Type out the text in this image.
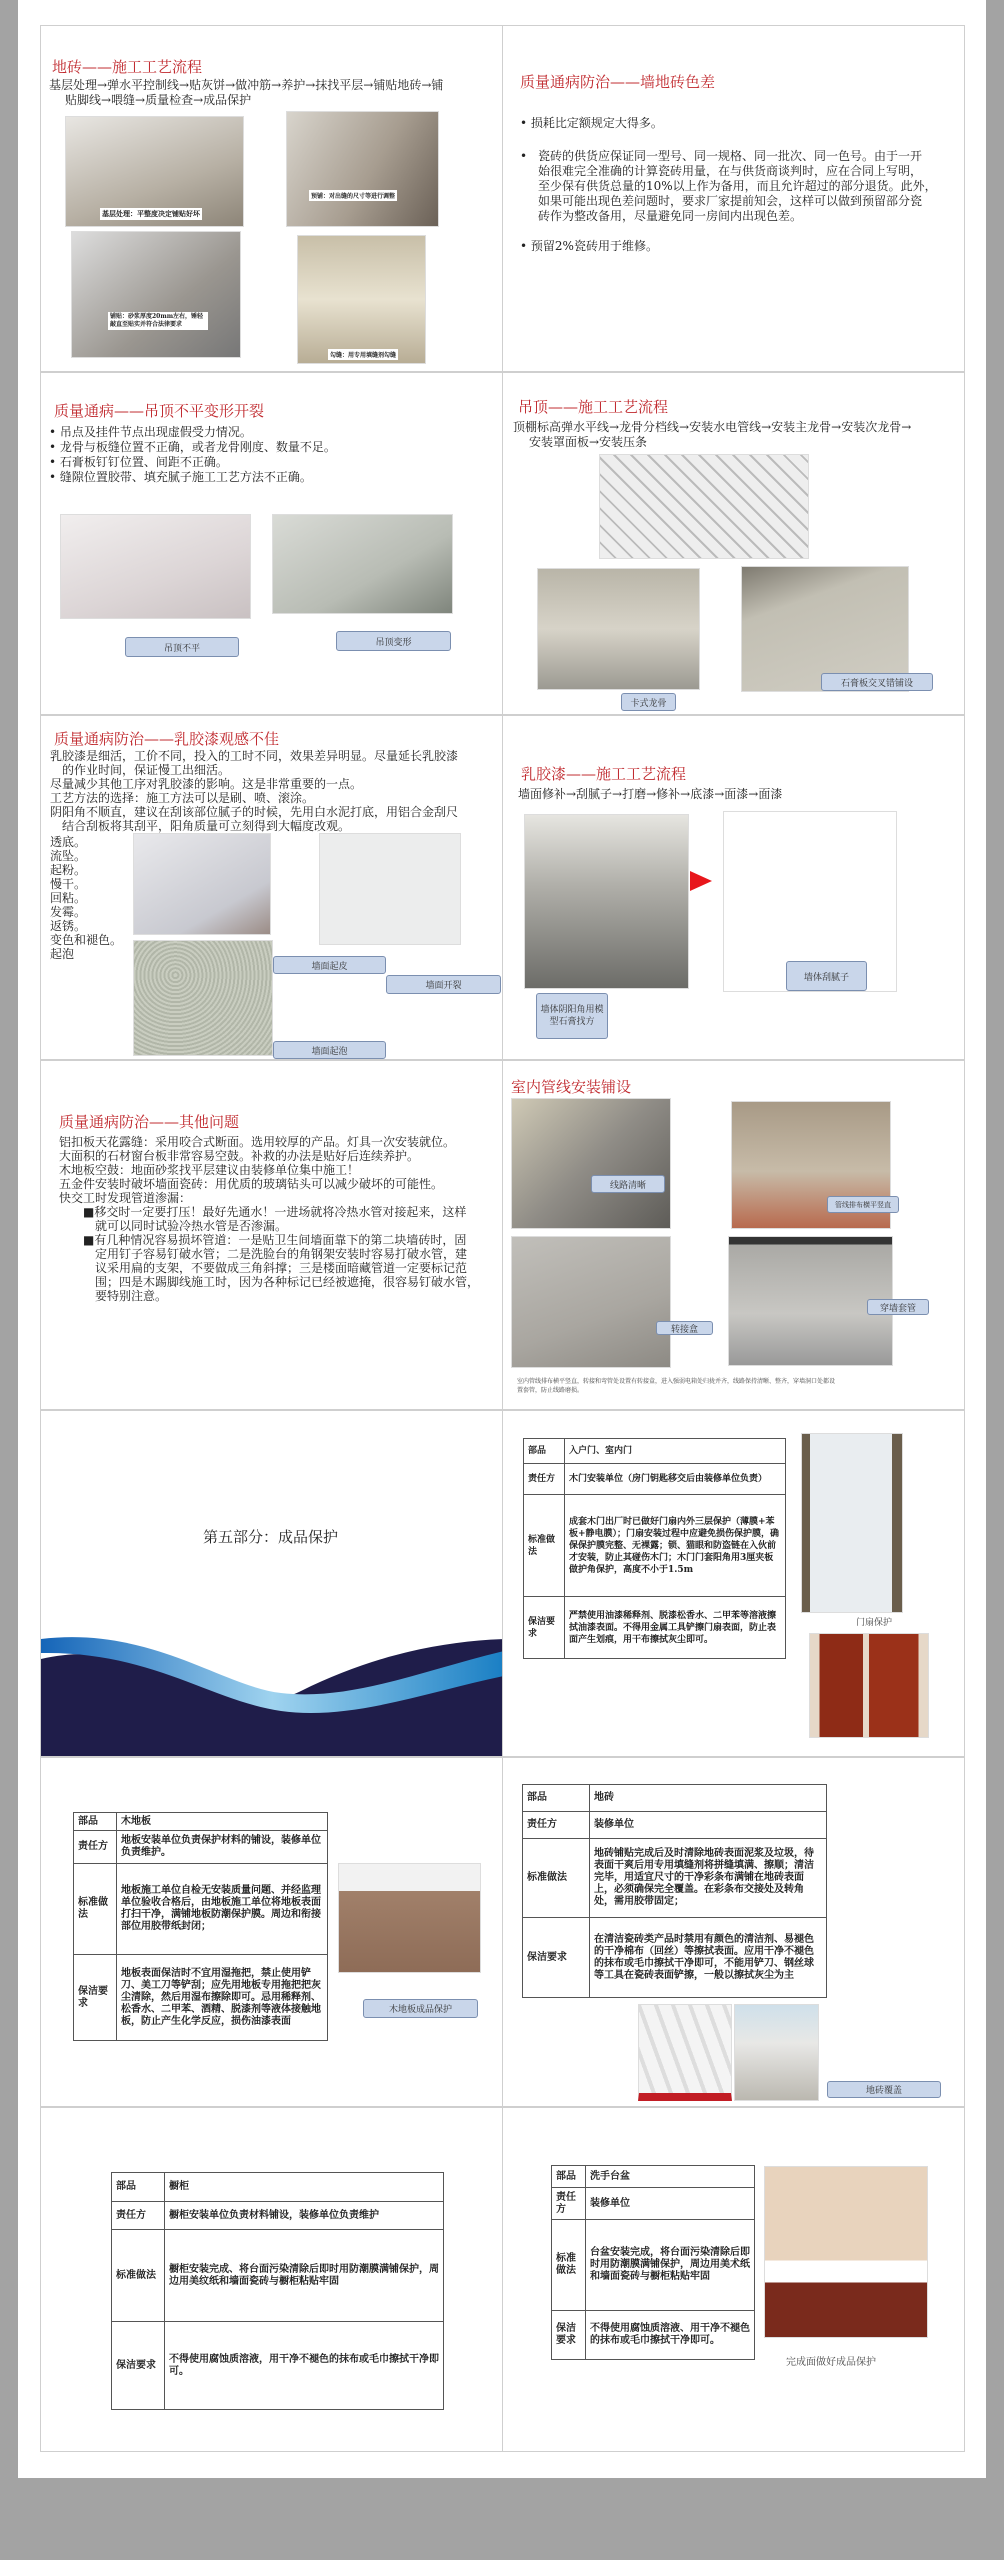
地砖——施工工艺流程
基层处理→弹水平控制线→贴灰饼→做冲筋→养护→抹找平层→铺贴地砖→铺
贴脚线→喂缝→质量检查→成品保护
基层处理：平整度决定铺贴好坏
预铺：对出缝的尺寸等进行调整
铺贴：砂浆厚度20mm左右，锤轻敲直至贴实并符合法律要求
勾缝：用专用填缝剂勾缝
质量通病防治——墙地砖色差
• 损耗比定额规定大得多。
• 瓷砖的供货应保证同一型号、同一规格、同一批次、同一色号。由于一开
始很难完全准确的计算瓷砖用量，在与供货商谈判时，应在合同上写明，
至少保有供货总量的10%以上作为备用，而且允许超过的部分退货。此外，
如果可能出现色差问题时，要求厂家提前知会，这样可以做到预留部分瓷
砖作为整改备用，尽量避免同一房间内出现色差。
• 预留2%瓷砖用于维修。
质量通病——吊顶不平变形开裂
• 吊点及挂件节点出现虚假受力情况。
• 龙骨与板缝位置不正确，或者龙骨刚度、数量不足。
• 石膏板钉钉位置、间距不正确。
• 缝隙位置胶带、填充腻子施工工艺方法不正确。
吊顶不平
吊顶变形
吊顶——施工工艺流程
顶棚标高弹水平线→龙骨分档线→安装水电管线→安装主龙骨→安装次龙骨→
安装罩面板→安装压条
卡式龙骨
石膏板交叉错铺设
质量通病防治——乳胶漆观感不佳
乳胶漆是细活，工价不同，投入的工时不同，效果差异明显。尽量延长乳胶漆
　的作业时间，保证慢工出细活。
尽量减少其他工序对乳胶漆的影响。这是非常重要的一点。
工艺方法的选择：施工方法可以是刷、喷、滚涂。
阴阳角不顺直，建议在刮该部位腻子的时候，先用白水泥打底，用铝合金刮尺
　结合刮板将其刮平，阳角质量可立刻得到大幅度改观。
透底。
流坠。
起粉。
慢干。
回粘。
发霉。
返锈。
变色和褪色。
起泡
墙面起皮
墙面开裂
墙面起泡
乳胶漆——施工工艺流程
墙面修补→刮腻子→打磨→修补→底漆→面漆→面漆
墙体阴阳角用模型石膏找方
墙体刮腻子
质量通病防治——其他问题
铝扣板天花露缝：采用咬合式断面。选用较厚的产品。灯具一次安装就位。
大面积的石材窗台板非常容易空鼓。补救的办法是贴好后连续养护。
木地板空鼓：地面砂浆找平层建议由装修单位集中施工！
五金件安装时破坏墙面瓷砖：用优质的玻璃钻头可以减少破坏的可能性。
快交工时发现管道渗漏：
■移交时一定要打压！最好先通水！一进场就将冷热水管对接起来，这样
　就可以同时试验冷热水管是否渗漏。
■有几种情况容易损坏管道：一是贴卫生间墙面靠下的第二块墙砖时，固
　定用钉子容易钉破水管；二是洗脸台的角钢架安装时容易打破水管，建
　议采用扁的支架，不要做成三角斜撑；三是楼面暗藏管道一定要标记范
　围；四是木踢脚线施工时，因为各种标记已经被遮掩，很容易钉破水管，
　要特别注意。
室内管线安装铺设
线路清晰
管线排布横平竖直
转接盒
穿墙套管
室内管线排布横平竖直，转接和弯管处设置有转接盒，进入强弱电箱处归拢并齐，线路保持清晰、整齐，穿墙洞口处都设
置套管，防止线路磨损。
第五部分：成品保护
部品	入户门、室内门
责任方	木门安装单位（房门钥匙移交后由装修单位负责）
标准做法	成套木门出厂时已做好门扇内外三层保护（薄膜+苯板+静电膜）；门扇安装过程中应避免损伤保护膜，确保保护膜完整、无裸露；锁、猫眼和防盗链在入伙前才安装，防止其碰伤木门；木门门套阳角用3厘夹板做护角保护，高度不小于1.5m
保洁要求	严禁使用油漆稀释剂、脱漆松香水、二甲苯等溶液擦拭油漆表面。不得用金属工具铲擦门扇表面，防止表面产生划痕，用干布擦拭灰尘即可。
门扇保护
部品	木地板
责任方	地板安装单位负责保护材料的铺设，装修单位负责维护。
标准做法	地板施工单位自检无安装质量问题、并经监理单位验收合格后，由地板施工单位将地板表面打扫干净，满铺地板防潮保护膜。周边和衔接部位用胶带纸封闭；
保洁要求	地板表面保洁时不宜用湿拖把，禁止使用铲刀、美工刀等铲刮；应先用地板专用拖把把灰尘清除，然后用湿布擦除即可。忌用稀释剂、松香水、二甲苯、酒精、脱漆剂等液体接触地板，防止产生化学反应，损伤油漆表面
木地板成品保护
部品	地砖
责任方	装修单位
标准做法	地砖铺贴完成后及时清除地砖表面泥浆及垃圾，待表面干爽后用专用填缝剂将拼缝填满、擦顺；清洁完毕，用适宜尺寸的干净彩条布满铺在地砖表面上，必须确保完全覆盖。在彩条布交接处及转角处，需用胶带固定；
保洁要求	在清洁瓷砖类产品时禁用有颜色的清洁剂、易褪色的干净棉布（回丝）等擦拭表面。应用干净不褪色的抹布或毛巾擦拭干净即可，不能用铲刀、钢丝球等工具在瓷砖表面铲擦，一般以擦拭灰尘为主
地砖覆盖
部品	橱柜
责任方	橱柜安装单位负责材料铺设，装修单位负责维护
标准做法	橱柜安装完成、将台面污染清除后即时用防潮膜满铺保护，周边用美纹纸和墙面瓷砖与橱柜粘贴牢固
保洁要求	不得使用腐蚀质溶液，用干净不褪色的抹布或毛巾擦拭干净即可。
部品	洗手台盆
责任方	装修单位
标准做法	台盆安装完成，将台面污染清除后即时用防潮膜满铺保护，周边用美术纸和墙面瓷砖与橱柜粘贴牢固
保洁要求	不得使用腐蚀质溶液、用干净不褪色的抹布或毛巾擦拭干净即可。
完成面做好成品保护
